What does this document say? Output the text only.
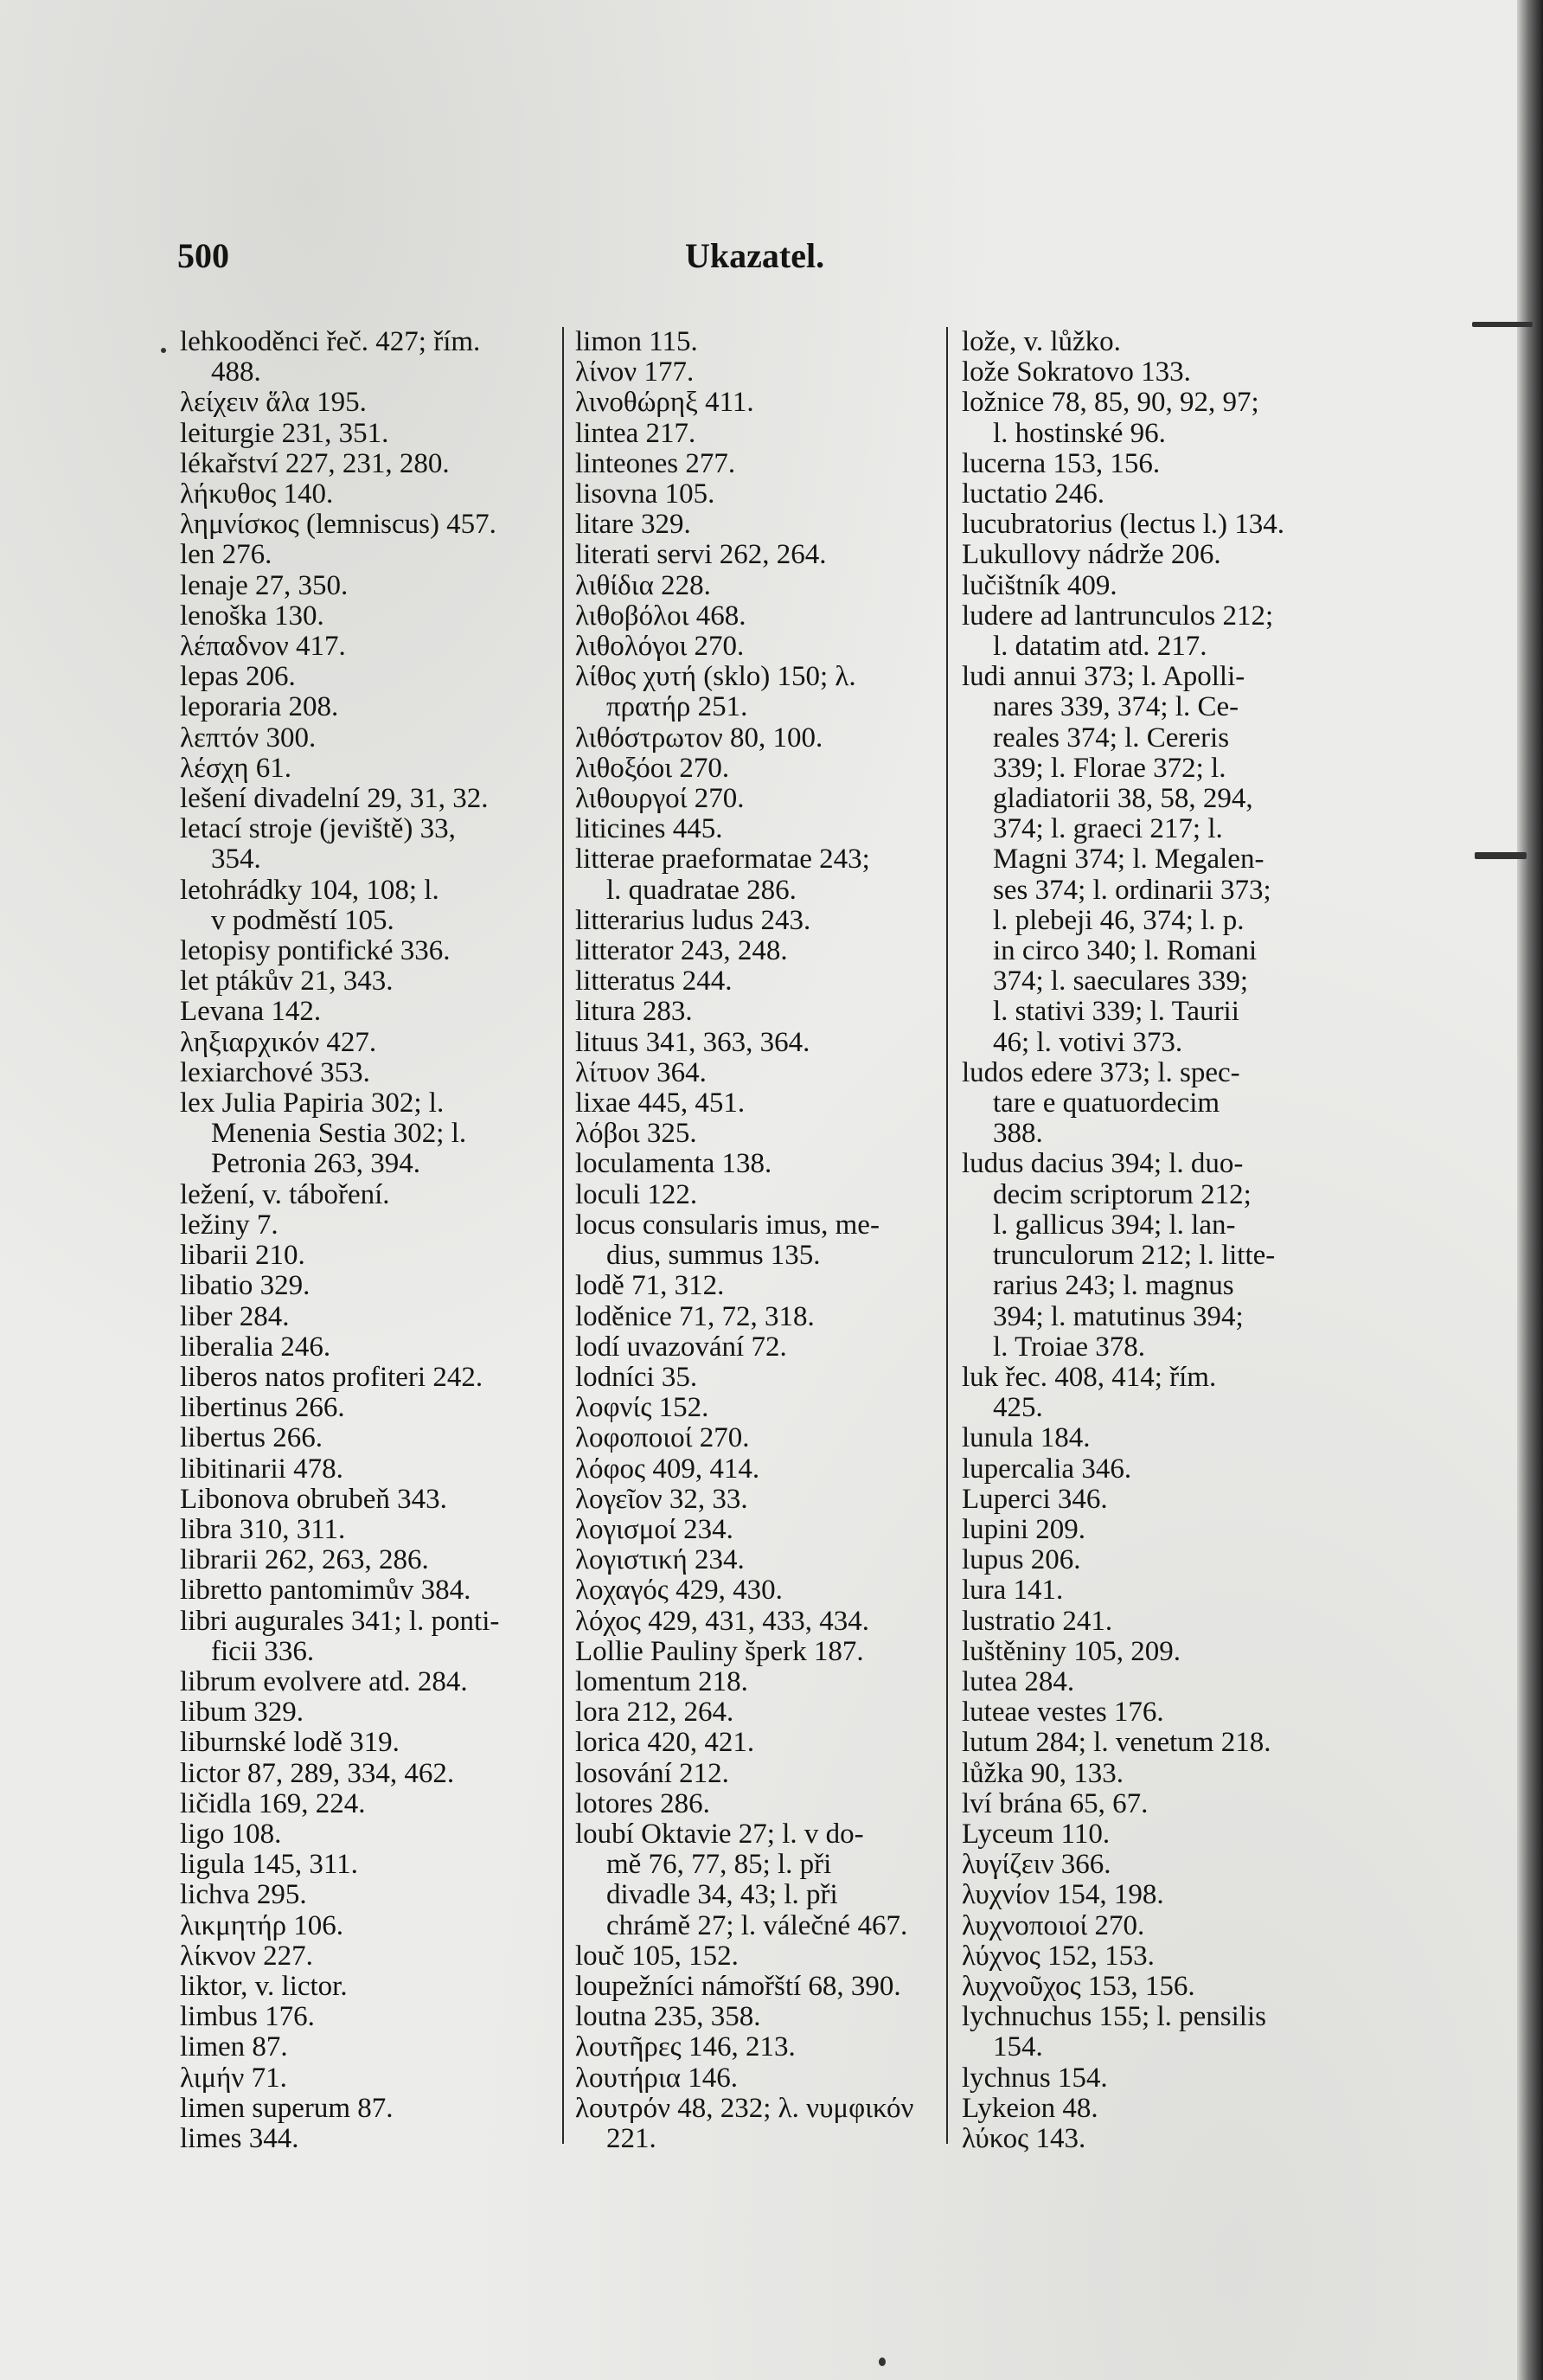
500	Ukazatel.
lehkooděnci řeč. 427; řím.
488.
λείχειν ἅλα 195.
leiturgie 231, 351.
lékařství 227, 231, 280.
λήκυθος 140.
λημνίσκος (lemniscus) 457.
len 276.
lenaje 27, 350.
lenoška 130.
λέπαδνον 417.
lepas 206.
leporaria 208.
λεπτόν 300.
λέσχη 61.
lešení divadelní 29, 31, 32.
letací stroje (jeviště) 33,
354.
letohrádky 104, 108; l.
v podměstí 105.
letopisy pontifické 336.
let ptákův 21, 343.
Levana 142.
ληξιαρχικόν 427.
lexiarchové 353.
lex Julia Papiria 302; l.
Menenia Sestia 302; l.
Petronia 263, 394.
ležení, v. táboření.
ležiny 7.
libarii 210.
libatio 329.
liber 284.
liberalia 246.
liberos natos profiteri 242.
libertinus 266.
libertus 266.
libitinarii 478.
Libonova obrubeň 343.
libra 310, 311.
librarii 262, 263, 286.
libretto pantomimův 384.
libri augurales 341; l. ponti-
ficii 336.
librum evolvere atd. 284.
libum 329.
liburnské lodě 319.
lictor 87, 289, 334, 462.
ličidla 169, 224.
ligo 108.
ligula 145, 311.
lichva 295.
λικμητήρ 106.
λίκνον 227.
liktor, v. lictor.
limbus 176.
limen 87.
λιμήν 71.
limen superum 87.
limes 344.
limon 115.
λίνον 177.
λινοθώρηξ 411.
lintea 217.
linteones 277.
lisovna 105.
litare 329.
literati servi 262, 264.
λιθίδια 228.
λιθοβόλοι 468.
λιθολόγοι 270.
λίθος χυτή (sklo) 150; λ.
πρατήρ 251.
λιθόστρωτον 80, 100.
λιθοξόοι 270.
λιθουργοί 270.
liticines 445.
litterae praeformatae 243;
l. quadratae 286.
litterarius ludus 243.
litterator 243, 248.
litteratus 244.
litura 283.
lituus 341, 363, 364.
λίτυον 364.
lixae 445, 451.
λόβοι 325.
loculamenta 138.
loculi 122.
locus consularis imus, me-
dius, summus 135.
lodě 71, 312.
loděnice 71, 72, 318.
lodí uvazování 72.
lodníci 35.
λοφνίς 152.
λοφοποιοί 270.
λόφος 409, 414.
λογεῖον 32, 33.
λογισμοί 234.
λογιστική 234.
λοχαγός 429, 430.
λόχος 429, 431, 433, 434.
Lollie Pauliny šperk 187.
lomentum 218.
lora 212, 264.
lorica 420, 421.
losování 212.
lotores 286.
loubí Oktavie 27; l. v do-
mě 76, 77, 85; l. při
divadle 34, 43; l. při
chrámě 27; l. válečné 467.
louč 105, 152.
loupežníci námořští 68, 390.
loutna 235, 358.
λουτῆρες 146, 213.
λουτήρια 146.
λουτρόν 48, 232; λ. νυμφικόν
221.
lože, v. lůžko.
lože Sokratovo 133.
ložnice 78, 85, 90, 92, 97;
l. hostinské 96.
lucerna 153, 156.
luctatio 246.
lucubratorius (lectus l.) 134.
Lukullovy nádrže 206.
lučištník 409.
ludere ad lantrunculos 212;
l. datatim atd. 217.
ludi annui 373; l. Apolli-
nares 339, 374; l. Ce-
reales 374; l. Cereris
339; l. Florae 372; l.
gladiatorii 38, 58, 294,
374; l. graeci 217; l.
Magni 374; l. Megalen-
ses 374; l. ordinarii 373;
l. plebeji 46, 374; l. p.
in circo 340; l. Romani
374; l. saeculares 339;
l. stativi 339; l. Taurii
46; l. votivi 373.
ludos edere 373; l. spec-
tare e quatuordecim
388.
ludus dacius 394; l. duo-
decim scriptorum 212;
l. gallicus 394; l. lan-
trunculorum 212; l. litte-
rarius 243; l. magnus
394; l. matutinus 394;
l. Troiae 378.
luk řec. 408, 414; řím.
425.
lunula 184.
lupercalia 346.
Luperci 346.
lupini 209.
lupus 206.
lura 141.
lustratio 241.
luštěniny 105, 209.
lutea 284.
luteae vestes 176.
lutum 284; l. venetum 218.
lůžka 90, 133.
lví brána 65, 67.
Lyceum 110.
λυγίζειν 366.
λυχνίον 154, 198.
λυχνοποιοί 270.
λύχνος 152, 153.
λυχνοῦχος 153, 156.
lychnuchus 155; l. pensilis
154.
lychnus 154.
Lykeion 48.
λύκος 143.
